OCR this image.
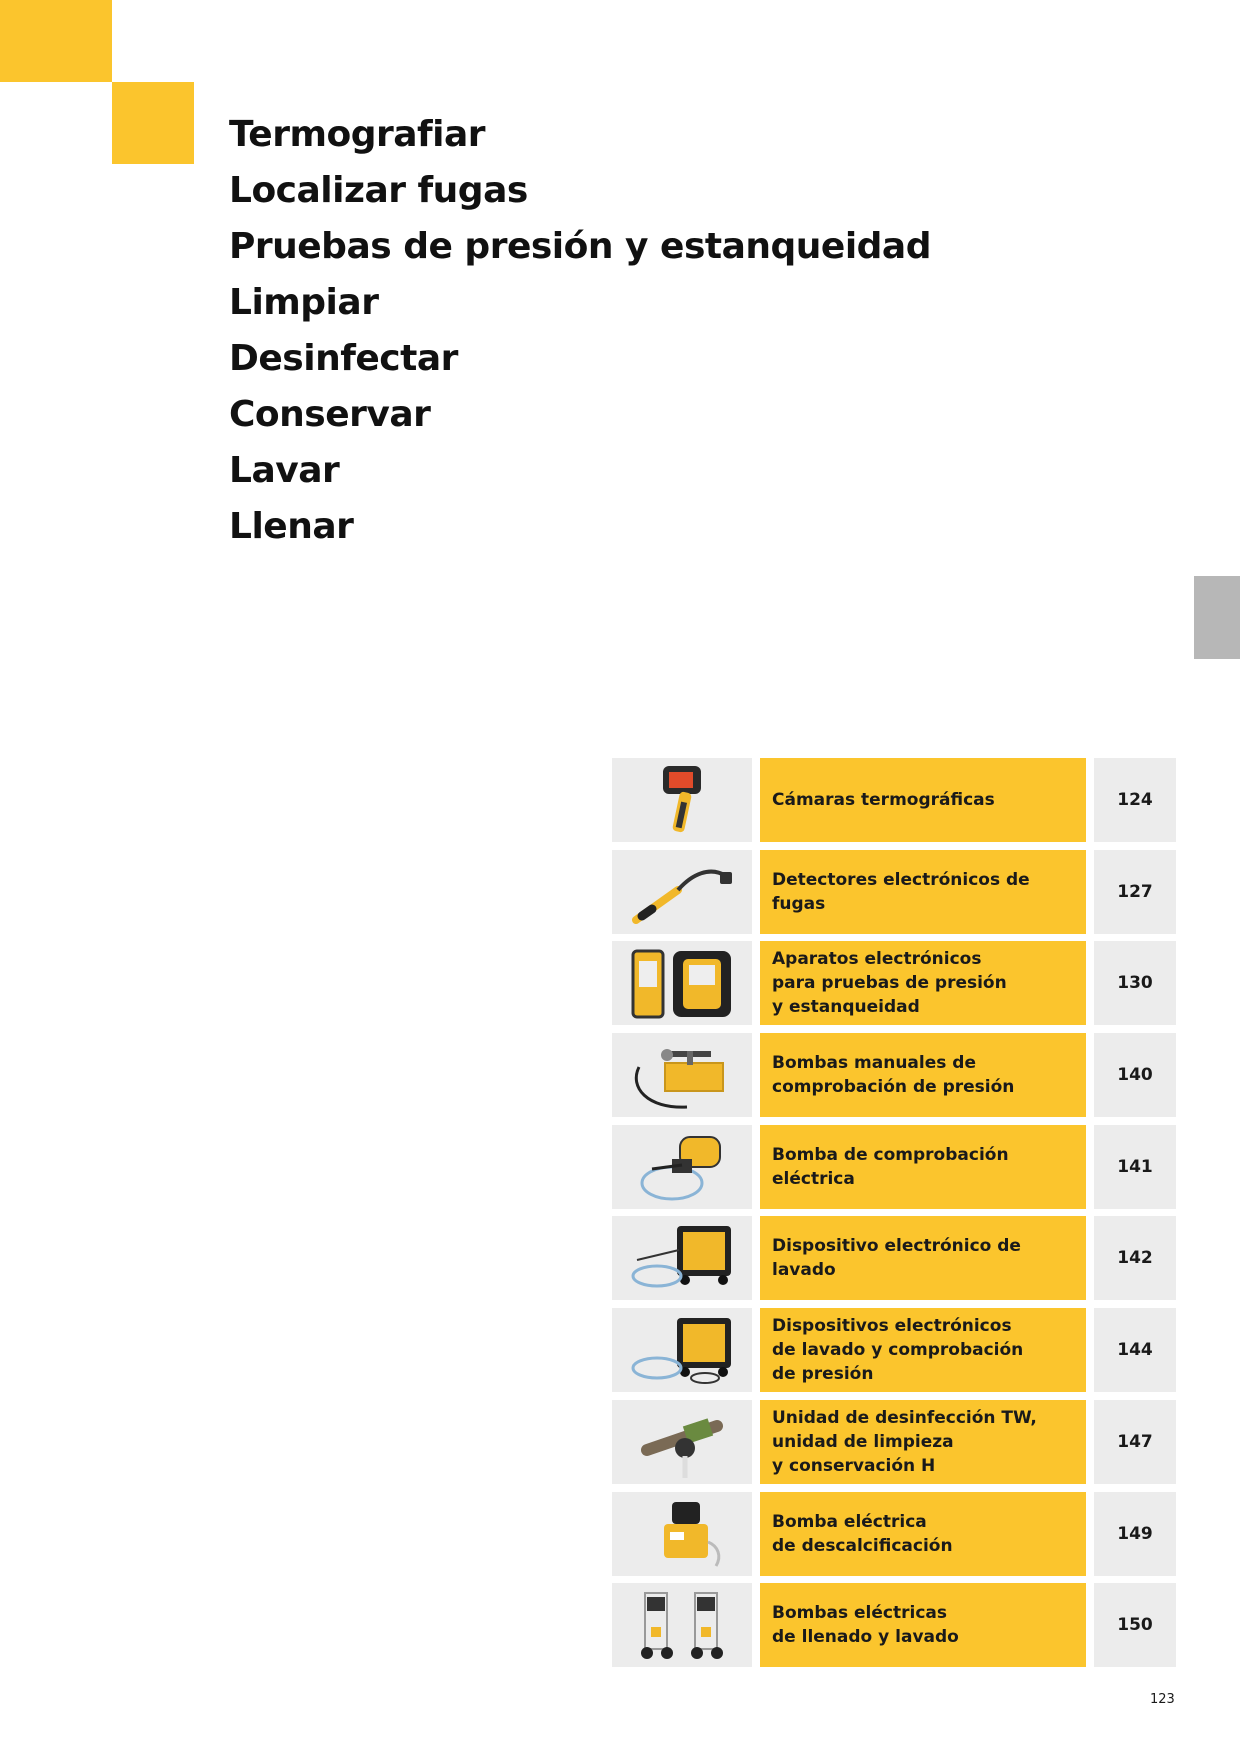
Termografiar
Localizar fugas
Pruebas de presión y estanqueidad
Limpiar
Desinfectar
Conservar
Lavar
Llenar
Cámaras termográficas	124
Detectores electrónicos de fugas
127
Aparatos electrónicos
para pruebas de presión
y estanqueidad
130
Bombas manuales de
comprobación de presión
140
Bomba de comprobación eléctrica
141
Dispositivo electrónico de lavado
142
Dispositivos electrónicos
de lavado y comprobación
de presión
144
Unidad de desinfección TW,
unidad de limpieza
y conservación H
147
Bomba eléctrica
de descalcificación
149
Bombas eléctricas
de llenado y lavado
150
123
